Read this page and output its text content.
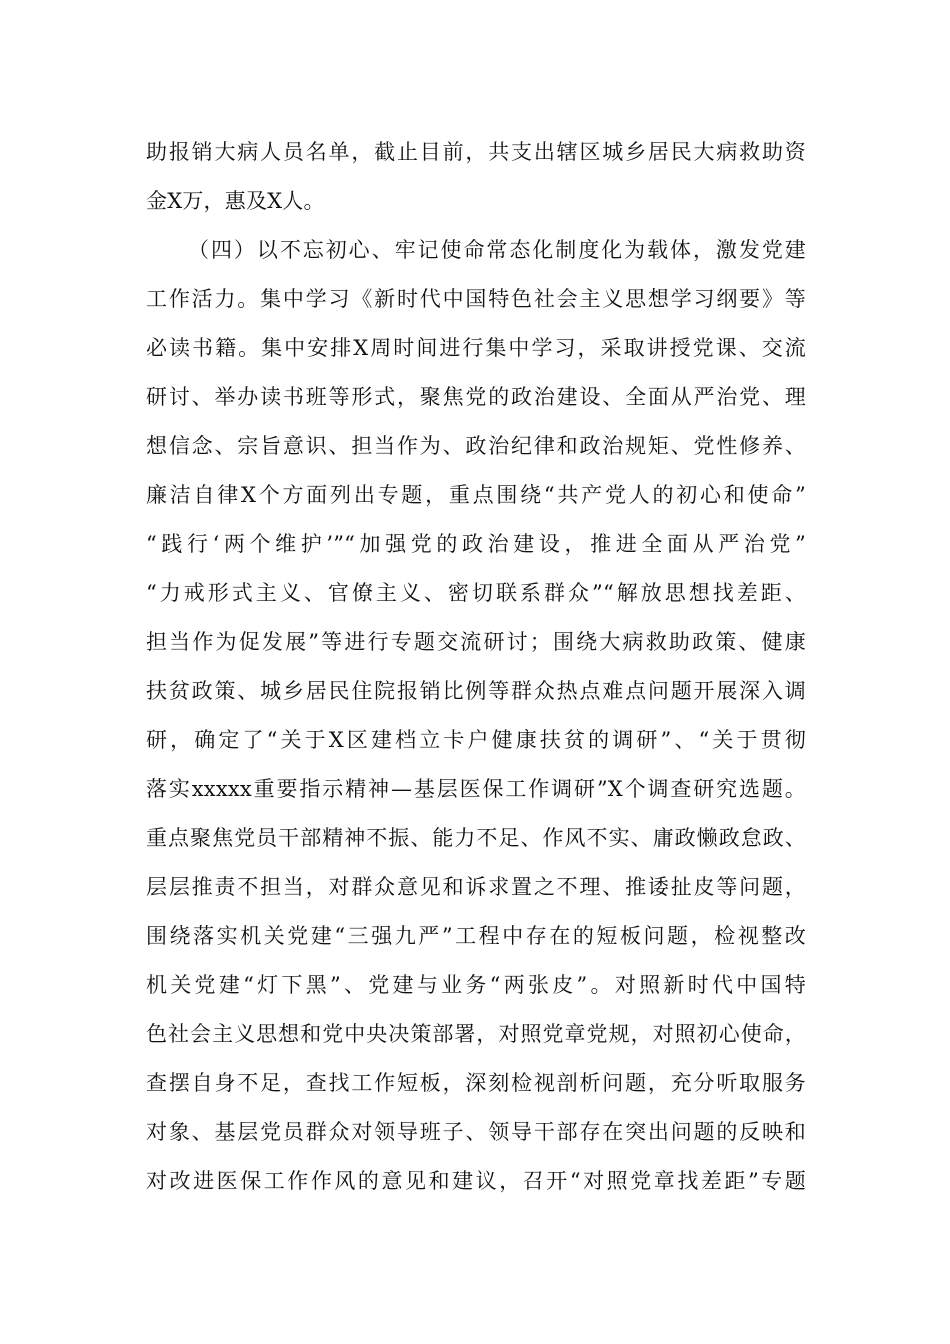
助报销大病人员名单，截止目前，共支出辖区城乡居民大病救助资
金X万，惠及X人。
（四）以不忘初心、牢记使命常态化制度化为载体，激发党建
工作活力。集中学习《新时代中国特色社会主义思想学习纲要》等
必读书籍。集中安排X周时间进行集中学习，采取讲授党课、交流
研讨、举办读书班等形式，聚焦党的政治建设、全面从严治党、理
想信念、宗旨意识、担当作为、政治纪律和政治规矩、党性修养、
廉洁自律X个方面列出专题，重点围绕“共产党人的初心和使命”
“践行‘两个维护’”“加强党的政治建设，推进全面从严治党”
“力戒形式主义、官僚主义、密切联系群众”“解放思想找差距、
担当作为促发展”等进行专题交流研讨；围绕大病救助政策、健康
扶贫政策、城乡居民住院报销比例等群众热点难点问题开展深入调
研，确定了“关于X区建档立卡户健康扶贫的调研”、“关于贯彻
落实xxxxx重要指示精神—基层医保工作调研”X个调查研究选题。
重点聚焦党员干部精神不振、能力不足、作风不实、庸政懒政怠政、
层层推责不担当，对群众意见和诉求置之不理、推诿扯皮等问题，
围绕落实机关党建“三强九严”工程中存在的短板问题，检视整改
机关党建“灯下黑”、党建与业务“两张皮”。对照新时代中国特
色社会主义思想和党中央决策部署，对照党章党规，对照初心使命，
查摆自身不足，查找工作短板，深刻检视剖析问题，充分听取服务
对象、基层党员群众对领导班子、领导干部存在突出问题的反映和
对改进医保工作作风的意见和建议，召开“对照党章找差距”专题
